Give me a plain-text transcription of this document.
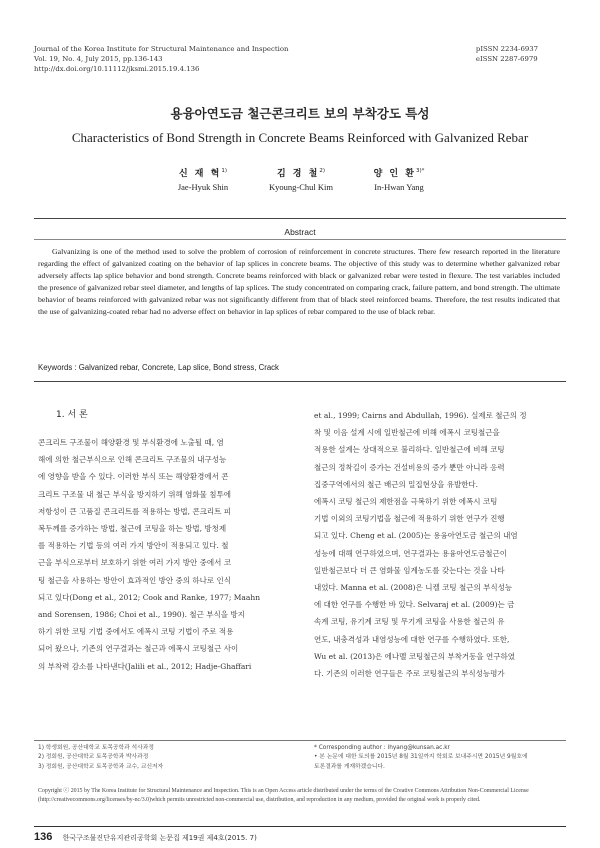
Journal of the Korea Institute for Structural Maintenance and Inspection
Vol. 19, No. 4, July 2015, pp.136-143
http://dx.doi.org/10.11112/jksmi.2015.19.4.136
pISSN 2234-6937
eISSN 2287-6979
용융아연도금 철근콘크리트 보의 부착강도 특성
Characteristics of Bond Strength in Concrete Beams Reinforced with Galvanized Rebar
신 재 혁$^{1)}$
Jae-Hyuk Shin
김 경 철$^{2)}$
Kyoung-Chul Kim
양 인 환$^{3)*}$
In-Hwan Yang
Abstract
Galvanizing is one of the method used to solve the problem of corrosion of reinforcement in concrete structures. There few research reported in the literature regarding the effect of galvanized coating on the behavior of lap splices in concrete beams. The objective of this study was to determine whether galvanized rebar adversely affects lap splice behavior and bond strength. Concrete beams reinforced with black or galvanized rebar were tested in flexure. The test variables included the presence of galvanized rebar steel diameter, and lengths of lap splices. The study concentrated on comparing crack, failure pattern, and bond strength. The ultimate behavior of beams reinforced with galvanized rebar was not significantly different from that of black steel reinforced beams. Therefore, the test results indicated that the use of galvanizing-coated rebar had no adverse effect on behavior in lap splices of rebar compared to the use of black rebar.
Keywords : Galvanized rebar, Concrete, Lap slice, Bond stress, Crack
1. 서 론
콘크리트 구조물이 해양환경 및 부식환경에 노출될 때, 염
해에 의한 철근부식으로 인해 콘크리트 구조물의 내구성능
에 영향을 받을 수 있다. 이러한 부식 또는 해양환경에서 콘
크리트 구조물 내 철근 부식을 방지하기 위해 염화물 침투에
저항성이 큰 고품질 콘크리트를 적용하는 방법, 콘크리트 피
복두께를 증가하는 방법, 철근에 코팅을 하는 방법, 방청제
를 적용하는 기법 등의 여러 가지 방안이 적용되고 있다. 철
근을 부식으로부터 보호하기 위한 여러 가지 방안 중에서 코
팅 철근을 사용하는 방안이 효과적인 방안 중의 하나로 인식
되고 있다(Dong et al., 2012; Cook and Ranke, 1977; Maahn
and Sorensen, 1986; Choi et al., 1990). 철근 부식을 방지
하기 위한 코팅 기법 중에서도 에폭시 코팅 기법이 주로 적용
되어 왔으나, 기존의 연구결과는 철근과 에폭시 코팅철근 사이
의 부착력 감소를 나타낸다(Jalili et al., 2012; Hadje-Ghaffari
et al., 1999; Cairns and Abdullah, 1996). 실제로 철근의 정
착 및 이음 설계 시에 일반철근에 비해 에폭시 코팅철근을
적용한 설계는 상대적으로 불리하다. 일반철근에 비해 코팅
철근의 정착길이 증가는 건설비용의 증가 뿐만 아니라 응력
집중구역에서의 철근 배근의 밀집현상을 유발한다.
에폭시 코팅 철근의 제한점을 극복하기 위한 에폭시 코팅
기법 이외의 코팅기법을 철근에 적용하기 위한 연구가 진행
되고 있다. Cheng et al. (2005)는 용융아연도금 철근의 내염
성능에 대해 연구하였으며, 연구결과는 용융아연도금철근이
일반철근보다 더 큰 염화물 임계농도를 갖는다는 것을 나타
내었다. Manna et al. (2008)은 니켈 코팅 철근의 부식성능
에 대한 연구를 수행한 바 있다. Selvaraj et al. (2009)는 금
속계 코팅, 유기계 코팅 및 무기계 코팅을 사용한 철근의 유
연도, 내충격성과 내염성능에 대한 연구를 수행하였다. 또한,
Wu et al. (2013)은 에나멜 코팅철근의 부착거동을 연구하였
다. 기존의 이러한 연구들은 주로 코팅철근의 부식성능평가
1) 학생회원, 공산대학교 토목공학과 석사과정
2) 정회원, 공산대학교 토목공학과 박사과정
3) 정회원, 공산대학교 토목공학과 교수, 교신저자
* Corresponding author : ihyang@kunsan.ac.kr
• 본 논문에 대한 토의를 2015년 8월 31일까지 학회로 보내주시면 2015년 9월호에
토론결과를 게재하겠습니다.
Copyright ⓒ 2015 by The Korea Institute for Structural Maintenance and Inspection. This is an Open Access article distributed under the terms of the Creative Commons Attribution Non-Commercial License (http://creativecommons.org/licenses/by-nc/3.0)which permits unrestricted non-commercial use, distribution, and reproduction in any medium, provided the original work is properly cited.
136 한국구조물진단유지관리공학회 논문집 제19권 제4호(2015. 7)
